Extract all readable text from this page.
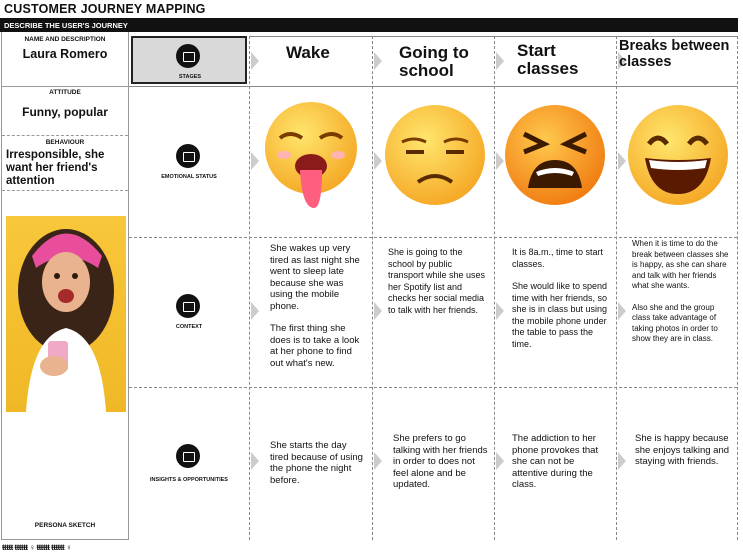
CUSTOMER JOURNEY MAPPING
DESCRIBE THE USER'S JOURNEY
NAME AND DESCRIPTION
Laura Romero
ATTITUDE
Funny, popular
BEHAVIOUR
Irresponsible, she want her friend's attention
PERSONA SKETCH
STAGES
EMOTIONAL STATUS
CONTEXT
INSIGHTS & OPPORTUNITIES
Wake	Going to school
Start classes
Breaks between classes

She wakes up very tired as last night she went to sleep late because she was using the mobile phone.

The first thing she does is to take a look at her phone to find out what's new.

She is going to the school by public transport while she uses her Spotify list and checks her social media to talk with her friends.

It is 8a.m., time to start classes.

She would like to spend time with her friends, so she is in class but using the mobile phone under the table to pass the time.

When it is time to do the break between classes she is happy, as she can share and talk with her friends what she wants.

Also she and the group class take advantage of taking photos in order to show they are in class.

She starts the day tired because of using the phone the night before.
She prefers to go talking with her friends in order to does not feel alone and be updated.
The addiction to her phone provokes that she can not be attentive during the class.
She is happy because she enjoys talking and staying with friends.
ŧŧŧŧŧ ŧŧŧŧŧŧ ♀ ŧŧŧŧŧŧ ŧŧŧŧŧŧ ♀
